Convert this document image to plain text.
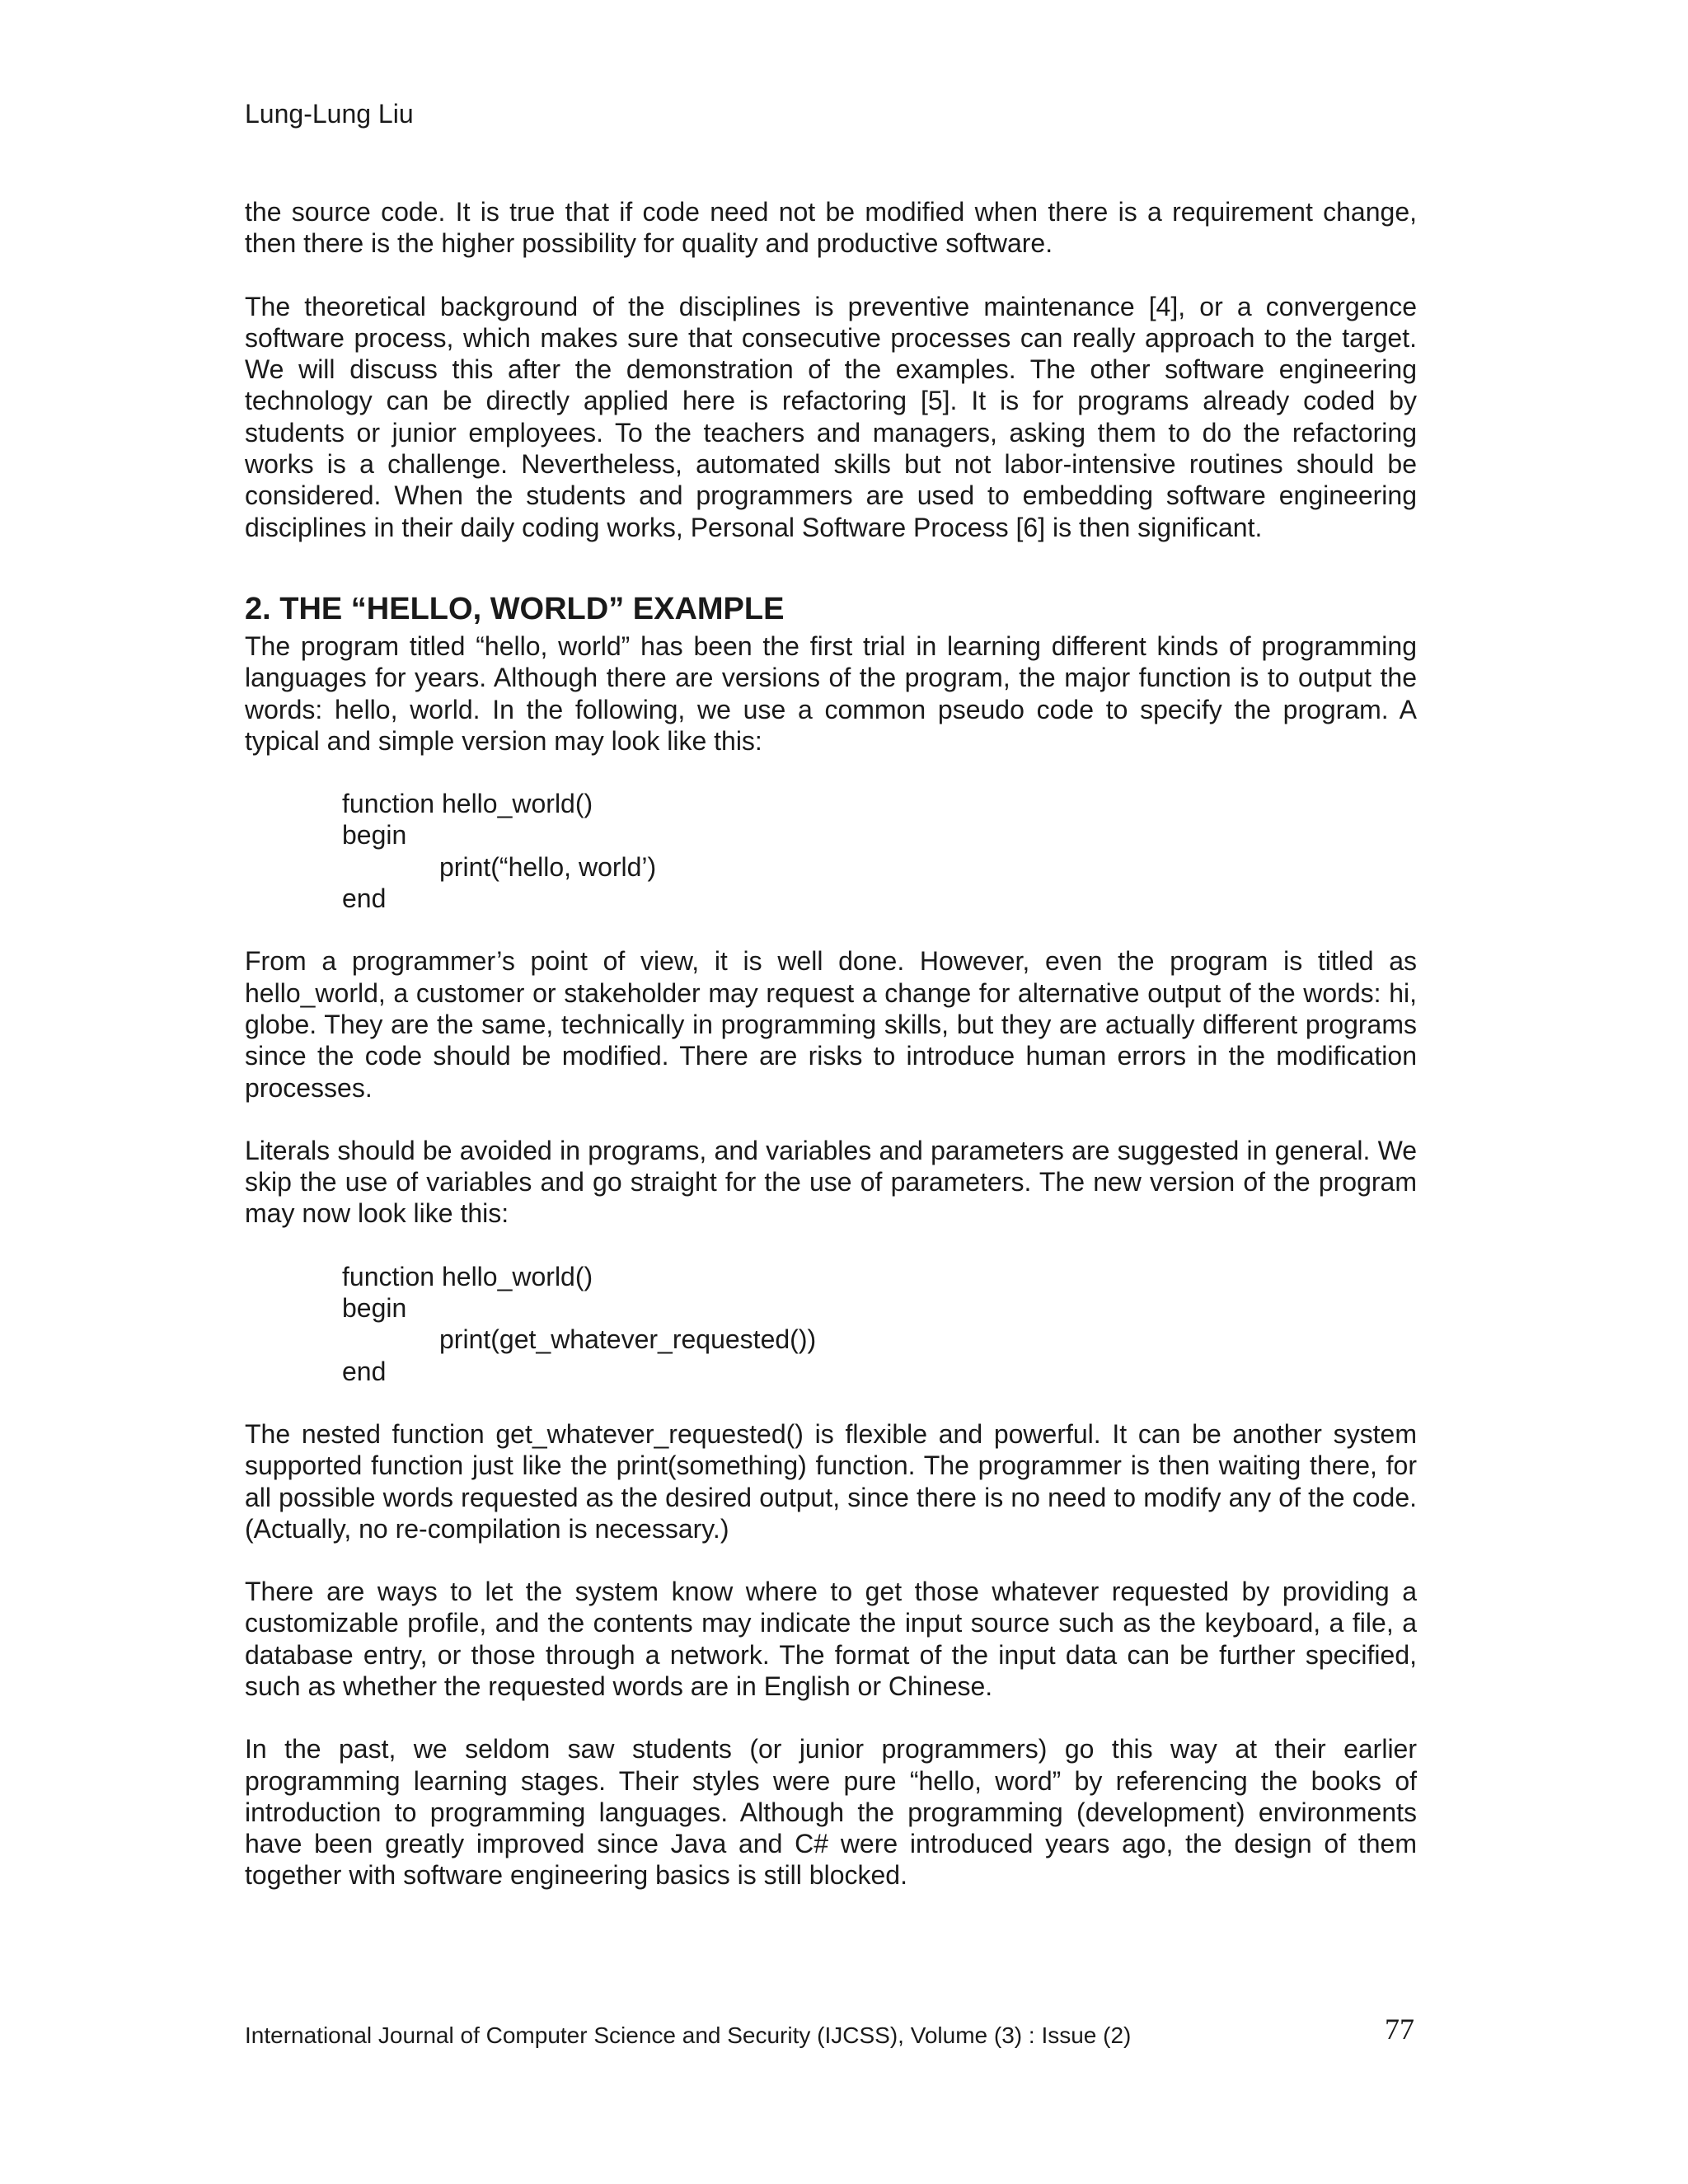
Lung-Lung Liu

the source code. It is true that if code need not be modified when there is a requirement change, then there is the higher possibility for quality and productive software.

The theoretical background of the disciplines is preventive maintenance [4], or a convergence software process, which makes sure that consecutive processes can really approach to the target. We will discuss this after the demonstration of the examples. The other software engineering technology can be directly applied here is refactoring [5]. It is for programs already coded by students or junior employees. To the teachers and managers, asking them to do the refactoring works is a challenge. Nevertheless, automated skills but not labor-intensive routines should be considered. When the students and programmers are used to embedding software engineering disciplines in their daily coding works, Personal Software Process [6] is then significant.

2. THE “HELLO, WORLD” EXAMPLE

The program titled “hello, world” has been the first trial in learning different kinds of programming languages for years. Although there are versions of the program, the major function is to output the words: hello, world. In the following, we use a common pseudo code to specify the program. A typical and simple version may look like this:

function hello_world()
begin
print(“hello, world’)
end

From a programmer’s point of view, it is well done. However, even the program is titled as hello_world, a customer or stakeholder may request a change for alternative output of the words: hi, globe. They are the same, technically in programming skills, but they are actually different programs since the code should be modified. There are risks to introduce human errors in the modification processes.

Literals should be avoided in programs, and variables and parameters are suggested in general. We skip the use of variables and go straight for the use of parameters. The new version of the program may now look like this:

function hello_world()
begin
print(get_whatever_requested())
end

The nested function get_whatever_requested() is flexible and powerful. It can be another system supported function just like the print(something) function. The programmer is then waiting there, for all possible words requested as the desired output, since there is no need to modify any of the code. (Actually, no re-compilation is necessary.)

There are ways to let the system know where to get those whatever requested by providing a customizable profile, and the contents may indicate the input source such as the keyboard, a file, a database entry, or those through a network. The format of the input data can be further specified, such as whether the requested words are in English or Chinese.

In the past, we seldom saw students (or junior programmers) go this way at their earlier programming learning stages. Their styles were pure “hello, word” by referencing the books of introduction to programming languages. Although the programming (development) environments have been greatly improved since Java and C# were introduced years ago, the design of them together with software engineering basics is still blocked.

International Journal of Computer Science and Security (IJCSS), Volume (3) : Issue (2)	77
